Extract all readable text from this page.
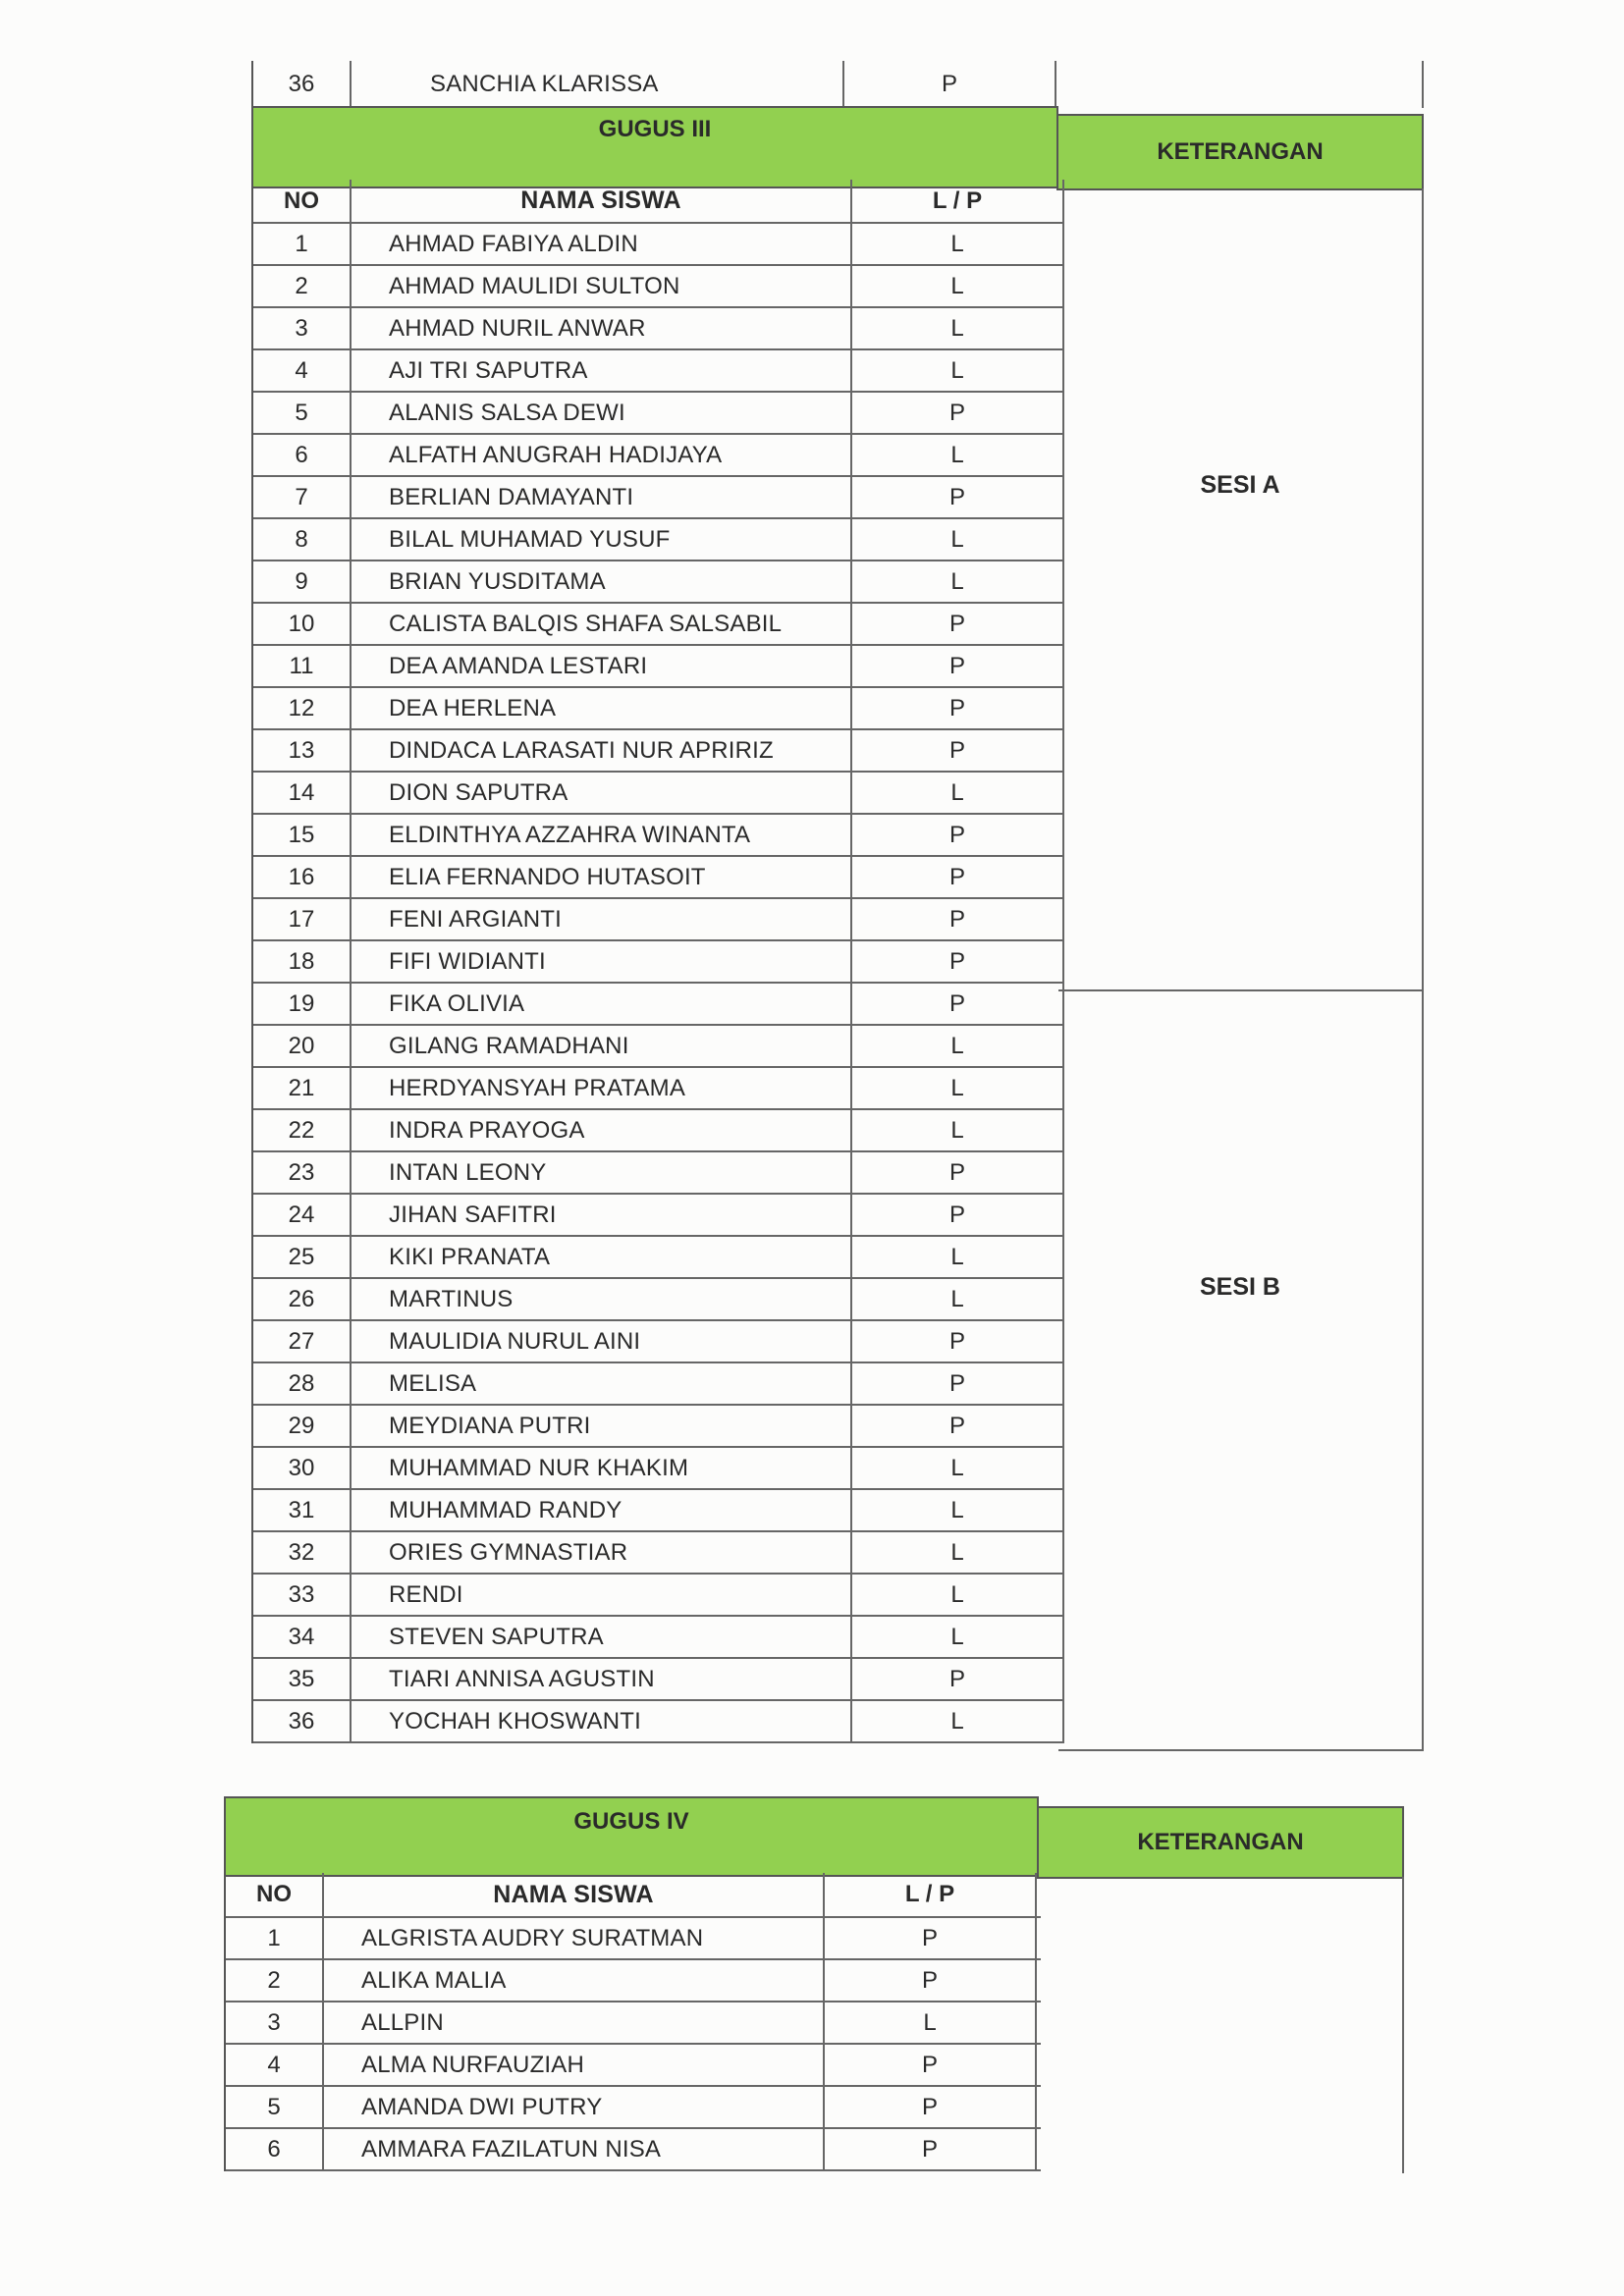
36	SANCHIA KLARISSA	P
GUGUS III
KETERANGAN
NO	NAMA SISWA	L / P
1	AHMAD FABIYA ALDIN	L
2	AHMAD MAULIDI SULTON	L
3	AHMAD NURIL ANWAR	L
4	AJI TRI SAPUTRA	L
5	ALANIS SALSA DEWI	P
6	ALFATH ANUGRAH HADIJAYA	L
7	BERLIAN DAMAYANTI	P
8	BILAL MUHAMAD YUSUF	L
9	BRIAN YUSDITAMA	L
10	CALISTA BALQIS SHAFA SALSABIL	P
11	DEA AMANDA LESTARI	P
12	DEA HERLENA	P
13	DINDACA LARASATI NUR APRIRIZ	P
14	DION SAPUTRA	L
15	ELDINTHYA AZZAHRA WINANTA	P
16	ELIA FERNANDO HUTASOIT	P
17	FENI ARGIANTI	P
18	FIFI WIDIANTI	P
19	FIKA OLIVIA	P
20	GILANG RAMADHANI	L
21	HERDYANSYAH PRATAMA	L
22	INDRA PRAYOGA	L
23	INTAN LEONY	P
24	JIHAN SAFITRI	P
25	KIKI PRANATA	L
26	MARTINUS	L
27	MAULIDIA NURUL AINI	P
28	MELISA	P
29	MEYDIANA PUTRI	P
30	MUHAMMAD NUR KHAKIM	L
31	MUHAMMAD RANDY	L
32	ORIES GYMNASTIAR	L
33	RENDI	L
34	STEVEN SAPUTRA	L
35	TIARI ANNISA AGUSTIN	P
36	YOCHAH KHOSWANTI	L
SESI A
SESI B
GUGUS IV
KETERANGAN
NO	NAMA SISWA	L / P
1	ALGRISTA AUDRY SURATMAN	P
2	ALIKA MALIA	P
3	ALLPIN	L
4	ALMA NURFAUZIAH	P
5	AMANDA DWI PUTRY	P
6	AMMARA FAZILATUN NISA	P
